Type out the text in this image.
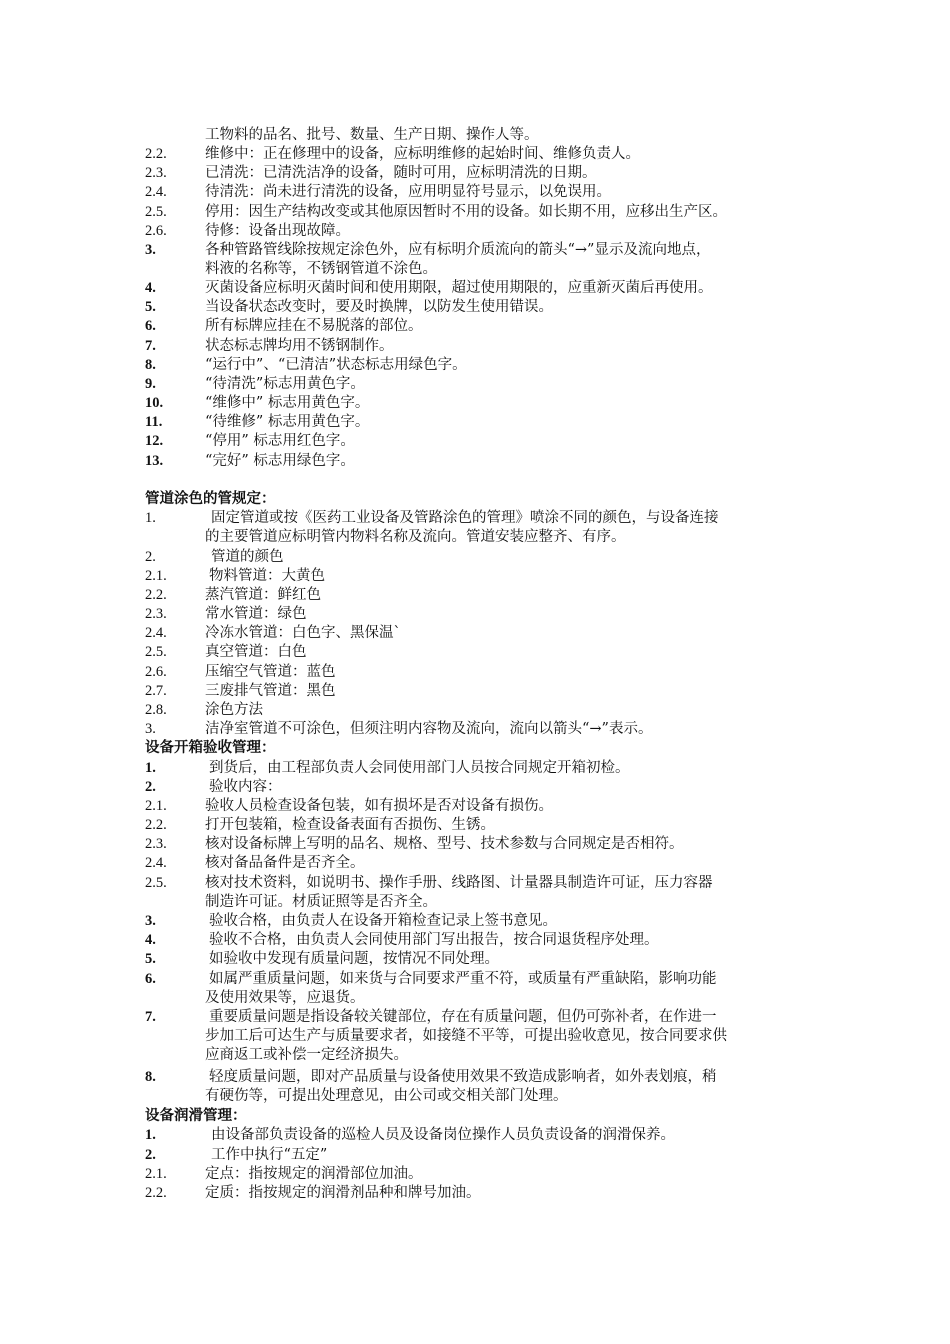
工物料的品名、批号、数量、生产日期、操作人等。
2.2.	维修中：正在修理中的设备，应标明维修的起始时间、维修负责人。
2.3.	已清洗：已清洗洁净的设备，随时可用，应标明清洗的日期。
2.4.	待清洗：尚未进行清洗的设备，应用明显符号显示，以免误用。
2.5.	停用：因生产结构改变或其他原因暂时不用的设备。如长期不用，应移出生产区。
2.6.	待修：设备出现故障。
3.	各种管路管线除按规定涂色外，应有标明介质流向的箭头“→”显示及流向地点，
料液的名称等，不锈钢管道不涂色。
4.	灭菌设备应标明灭菌时间和使用期限，超过使用期限的，应重新灭菌后再使用。
5.	当设备状态改变时，要及时换牌，以防发生使用错误。
6.	所有标牌应挂在不易脱落的部位。
7.	状态标志牌均用不锈钢制作。
8.	“运行中”、“已清洁”状态标志用绿色字。
9.	“待清洗”标志用黄色字。
10.	“维修中” 标志用黄色字。
11.	“待维修” 标志用黄色字。
12.	“停用” 标志用红色字。
13.	“完好” 标志用绿色字。
管道涂色的管规定：
1.	固定管道或按《医药工业设备及管路涂色的管理》喷涂不同的颜色，与设备连接
的主要管道应标明管内物料名称及流向。管道安装应整齐、有序。
2.	管道的颜色
2.1.	物料管道：大黄色
2.2.	蒸汽管道：鲜红色
2.3.	常水管道：绿色
2.4.	冷冻水管道：白色字、黑保温`
2.5.	真空管道：白色
2.6.	压缩空气管道：蓝色
2.7.	三废排气管道：黑色
2.8.	涂色方法
3.	洁净室管道不可涂色，但须注明内容物及流向，流向以箭头“→”表示。
设备开箱验收管理：
1.	到货后，由工程部负责人会同使用部门人员按合同规定开箱初检。
2.	验收内容：
2.1.	验收人员检查设备包装，如有损坏是否对设备有损伤。
2.2.	打开包装箱，检查设备表面有否损伤、生锈。
2.3.	核对设备标牌上写明的品名、规格、型号、技术参数与合同规定是否相符。
2.4.	核对备品备件是否齐全。
2.5.	核对技术资料，如说明书、操作手册、线路图、计量器具制造许可证，压力容器
制造许可证。材质证照等是否齐全。
3.	验收合格，由负责人在设备开箱检查记录上签书意见。
4.	验收不合格，由负责人会同使用部门写出报告，按合同退货程序处理。
5.	如验收中发现有质量问题，按情况不同处理。
6.	如属严重质量问题，如来货与合同要求严重不符，或质量有严重缺陷，影响功能
及使用效果等，应退货。
7.	重要质量问题是指设备较关键部位，存在有质量问题，但仍可弥补者，在作进一
步加工后可达生产与质量要求者，如接缝不平等，可提出验收意见，按合同要求供
应商返工或补偿一定经济损失。
8.	轻度质量问题，即对产品质量与设备使用效果不致造成影响者，如外表划痕，稍
有硬伤等，可提出处理意见，由公司或交相关部门处理。
设备润滑管理：
1.	由设备部负责设备的巡检人员及设备岗位操作人员负责设备的润滑保养。
2.	工作中执行“五定”
2.1.	定点：指按规定的润滑部位加油。
2.2.	定质：指按规定的润滑剂品种和牌号加油。
